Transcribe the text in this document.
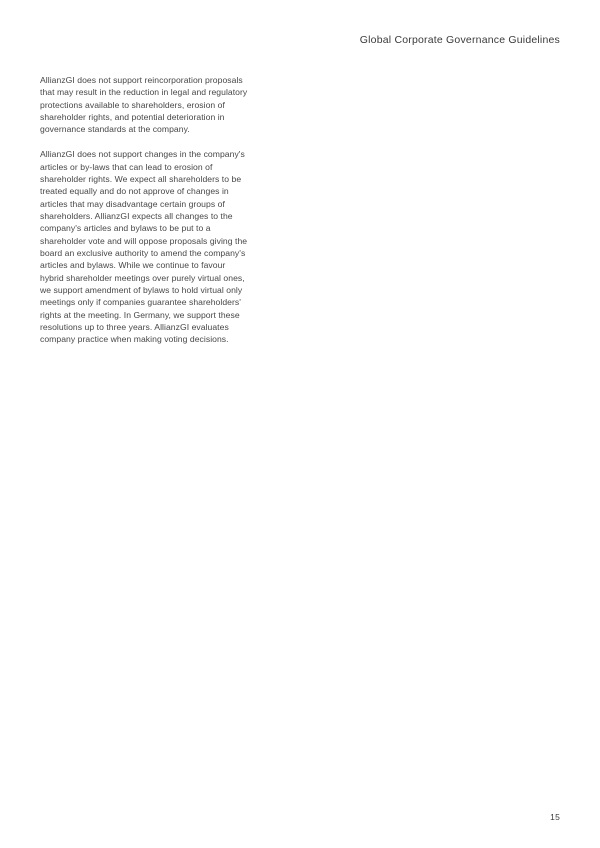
Global Corporate Governance Guidelines

AllianzGI does not support reincorporation proposals that may result in the reduction in legal and regulatory protections available to shareholders, erosion of shareholder rights, and potential deterioration in governance standards at the company.

AllianzGI does not support changes in the company's articles or by-laws that can lead to erosion of shareholder rights. We expect all shareholders to be treated equally and do not approve of changes in articles that may disadvantage certain groups of shareholders. AllianzGI expects all changes to the company's articles and bylaws to be put to a shareholder vote and will oppose proposals giving the board an exclusive authority to amend the company's articles and bylaws. While we continue to favour hybrid shareholder meetings over purely virtual ones, we support amendment of bylaws to hold virtual only meetings only if companies guarantee shareholders' rights at the meeting. In Germany, we support these resolutions up to three years. AllianzGI evaluates company practice when making voting decisions.

15
